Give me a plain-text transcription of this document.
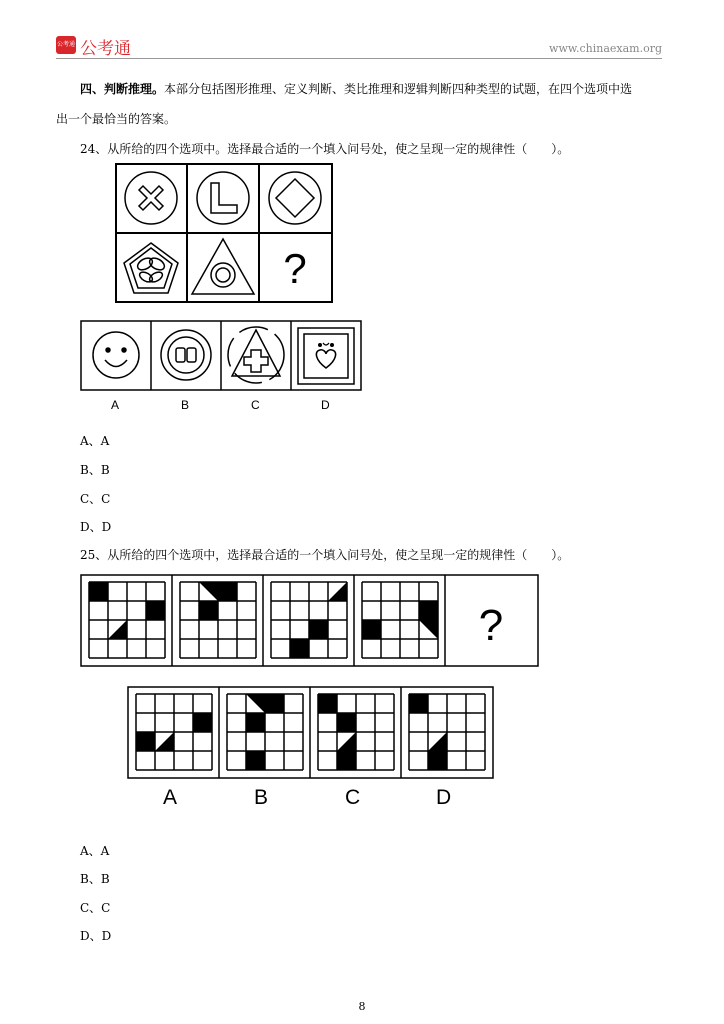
公考通 公考通	www.chinaexam.org
四、判断推理。本部分包括图形推理、定义判断、类比推理和逻辑判断四种类型的试题，在四个选项中选
出一个最恰当的答案。
24、从所给的四个选项中。选择最合适的一个填入问号处，使之呈现一定的规律性（　　）。
?
A	B	C	D
A、A
B、B
C、C
D、D
25、从所给的四个选项中，选择最合适的一个填入问号处，使之呈现一定的规律性（　　）。
?
A	B	C	D
A、A
B、B
C、C
D、D
8
